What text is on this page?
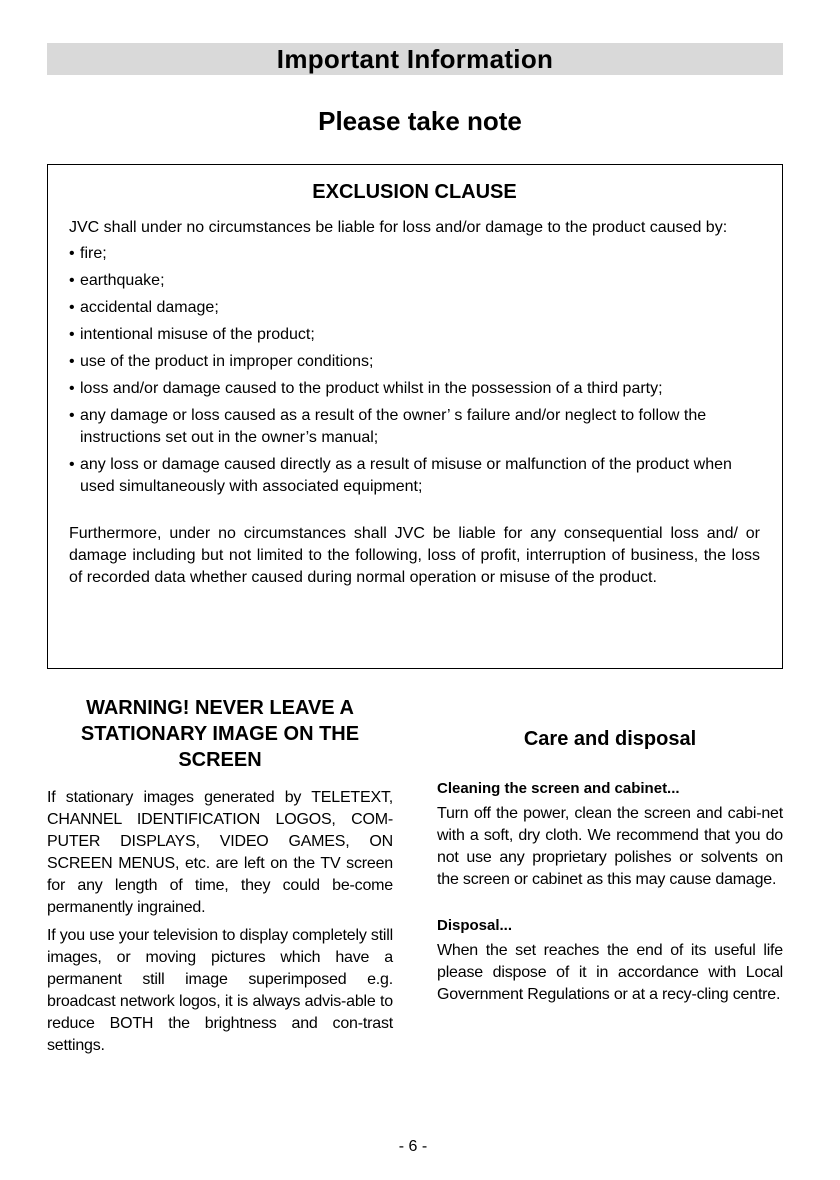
Important Information
Please take note
EXCLUSION CLAUSE

JVC shall under no circumstances be liable for loss and/or damage to the product caused by:

• fire;
• earthquake;
• accidental damage;
• intentional misuse of the product;
• use of the product in improper conditions;
• loss and/or damage caused to the product whilst in the possession of a third party;
• any damage or loss caused as a result of the owner’ s failure and/or neglect to follow the instructions set out in the owner’s manual;
• any loss or damage caused directly as a result of misuse or malfunction of the product when used simultaneously with associated equipment;

Furthermore, under no circumstances shall JVC be liable for any consequential loss and/ or damage including but not limited to the following, loss of profit, interruption of business, the loss of recorded data whether caused during normal operation or misuse of the product.

WARNING! NEVER LEAVE A STATIONARY IMAGE ON THE SCREEN

If stationary images generated by TELETEXT, CHANNEL IDENTIFICATION LOGOS, COM-PUTER DISPLAYS, VIDEO GAMES, ON SCREEN MENUS, etc. are left on the TV screen for any length of time, they could be-come permanently ingrained.

If you use your television to display completely still images, or moving pictures which have a permanent still image superimposed e.g. broadcast network logos, it is always advis-able to reduce BOTH the brightness and con-trast settings.

Care and disposal
Cleaning the screen and cabinet...

Turn off the power, clean the screen and cabi-net with a soft, dry cloth. We recommend that you do not use any proprietary polishes or solvents on the screen or cabinet as this may cause damage.

Disposal...

When the set reaches the end of its useful life please dispose of it in accordance with Local Government Regulations or at a recy-cling centre.

- 6 -
